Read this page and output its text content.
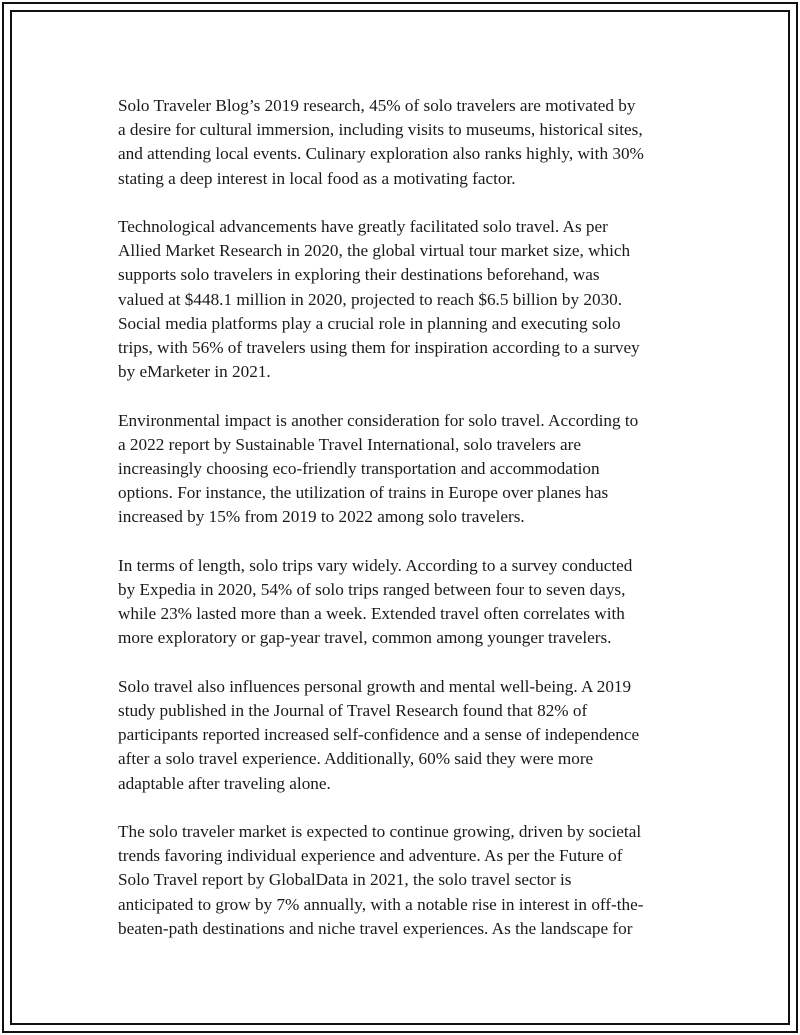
Solo Traveler Blog’s 2019 research, 45% of solo travelers are motivated by
a desire for cultural immersion, including visits to museums, historical sites,
and attending local events. Culinary exploration also ranks highly, with 30%
stating a deep interest in local food as a motivating factor.

Technological advancements have greatly facilitated solo travel. As per
Allied Market Research in 2020, the global virtual tour market size, which
supports solo travelers in exploring their destinations beforehand, was
valued at $448.1 million in 2020, projected to reach $6.5 billion by 2030.
Social media platforms play a crucial role in planning and executing solo
trips, with 56% of travelers using them for inspiration according to a survey
by eMarketer in 2021.

Environmental impact is another consideration for solo travel. According to
a 2022 report by Sustainable Travel International, solo travelers are
increasingly choosing eco-friendly transportation and accommodation
options. For instance, the utilization of trains in Europe over planes has
increased by 15% from 2019 to 2022 among solo travelers.

In terms of length, solo trips vary widely. According to a survey conducted
by Expedia in 2020, 54% of solo trips ranged between four to seven days,
while 23% lasted more than a week. Extended travel often correlates with
more exploratory or gap-year travel, common among younger travelers.

Solo travel also influences personal growth and mental well-being. A 2019
study published in the Journal of Travel Research found that 82% of
participants reported increased self-confidence and a sense of independence
after a solo travel experience. Additionally, 60% said they were more
adaptable after traveling alone.

The solo traveler market is expected to continue growing, driven by societal
trends favoring individual experience and adventure. As per the Future of
Solo Travel report by GlobalData in 2021, the solo travel sector is
anticipated to grow by 7% annually, with a notable rise in interest in off-the-
beaten-path destinations and niche travel experiences. As the landscape for
